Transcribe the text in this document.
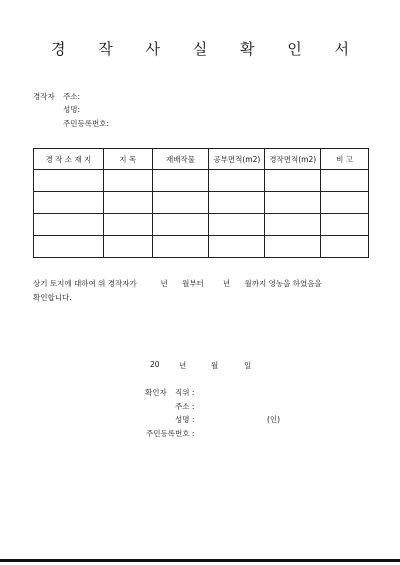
경 작 사 실 확 인 서
경작자 주소:
성명:
주민등록번호:
경 작 소 재 지	지 목	재배작물	공부면적(m2)	경작면적(m2)	비 고

상기 토지에 대하여 위 경작자가          년      월부터        년      월까지 영농을 하였음을
확인합니다.
20	년	월	일
확인자 직위 :
주소 :
성명 :	(인)
주민등록번호 :
